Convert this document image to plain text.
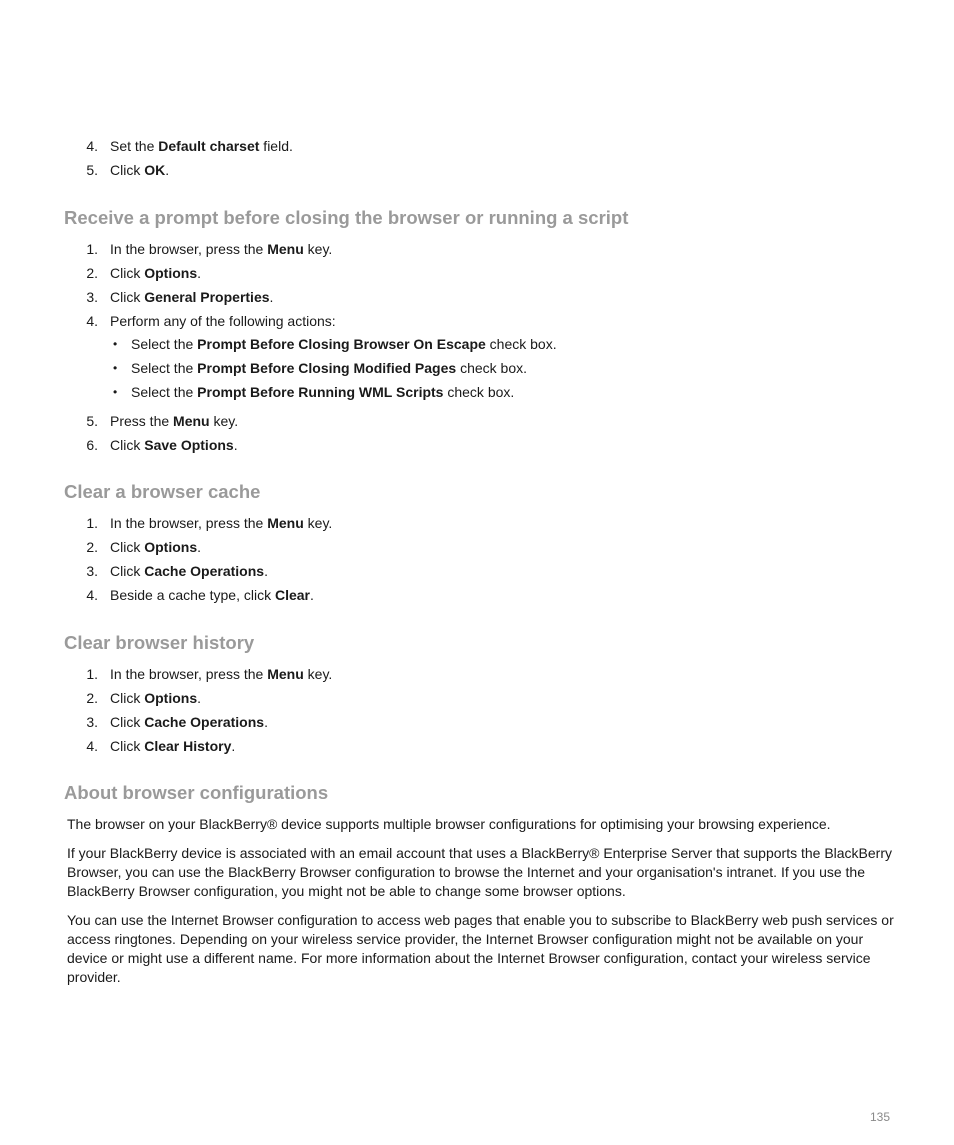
4. Set the Default charset field.
5. Click OK.
Receive a prompt before closing the browser or running a script
1. In the browser, press the Menu key.
2. Click Options.
3. Click General Properties.
4. Perform any of the following actions:
• Select the Prompt Before Closing Browser On Escape check box.
• Select the Prompt Before Closing Modified Pages check box.
• Select the Prompt Before Running WML Scripts check box.
5. Press the Menu key.
6. Click Save Options.
Clear a browser cache
1. In the browser, press the Menu key.
2. Click Options.
3. Click Cache Operations.
4. Beside a cache type, click Clear.
Clear browser history
1. In the browser, press the Menu key.
2. Click Options.
3. Click Cache Operations.
4. Click Clear History.
About browser configurations

The browser on your BlackBerry® device supports multiple browser configurations for optimising your browsing experience.

If your BlackBerry device is associated with an email account that uses a BlackBerry® Enterprise Server that supports the BlackBerry Browser, you can use the BlackBerry Browser configuration to browse the Internet and your organisation's intranet. If you use the BlackBerry Browser configuration, you might not be able to change some browser options.

You can use the Internet Browser configuration to access web pages that enable you to subscribe to BlackBerry web push services or access ringtones. Depending on your wireless service provider, the Internet Browser configuration might not be available on your device or might use a different name. For more information about the Internet Browser configuration, contact your wireless service provider.

135
